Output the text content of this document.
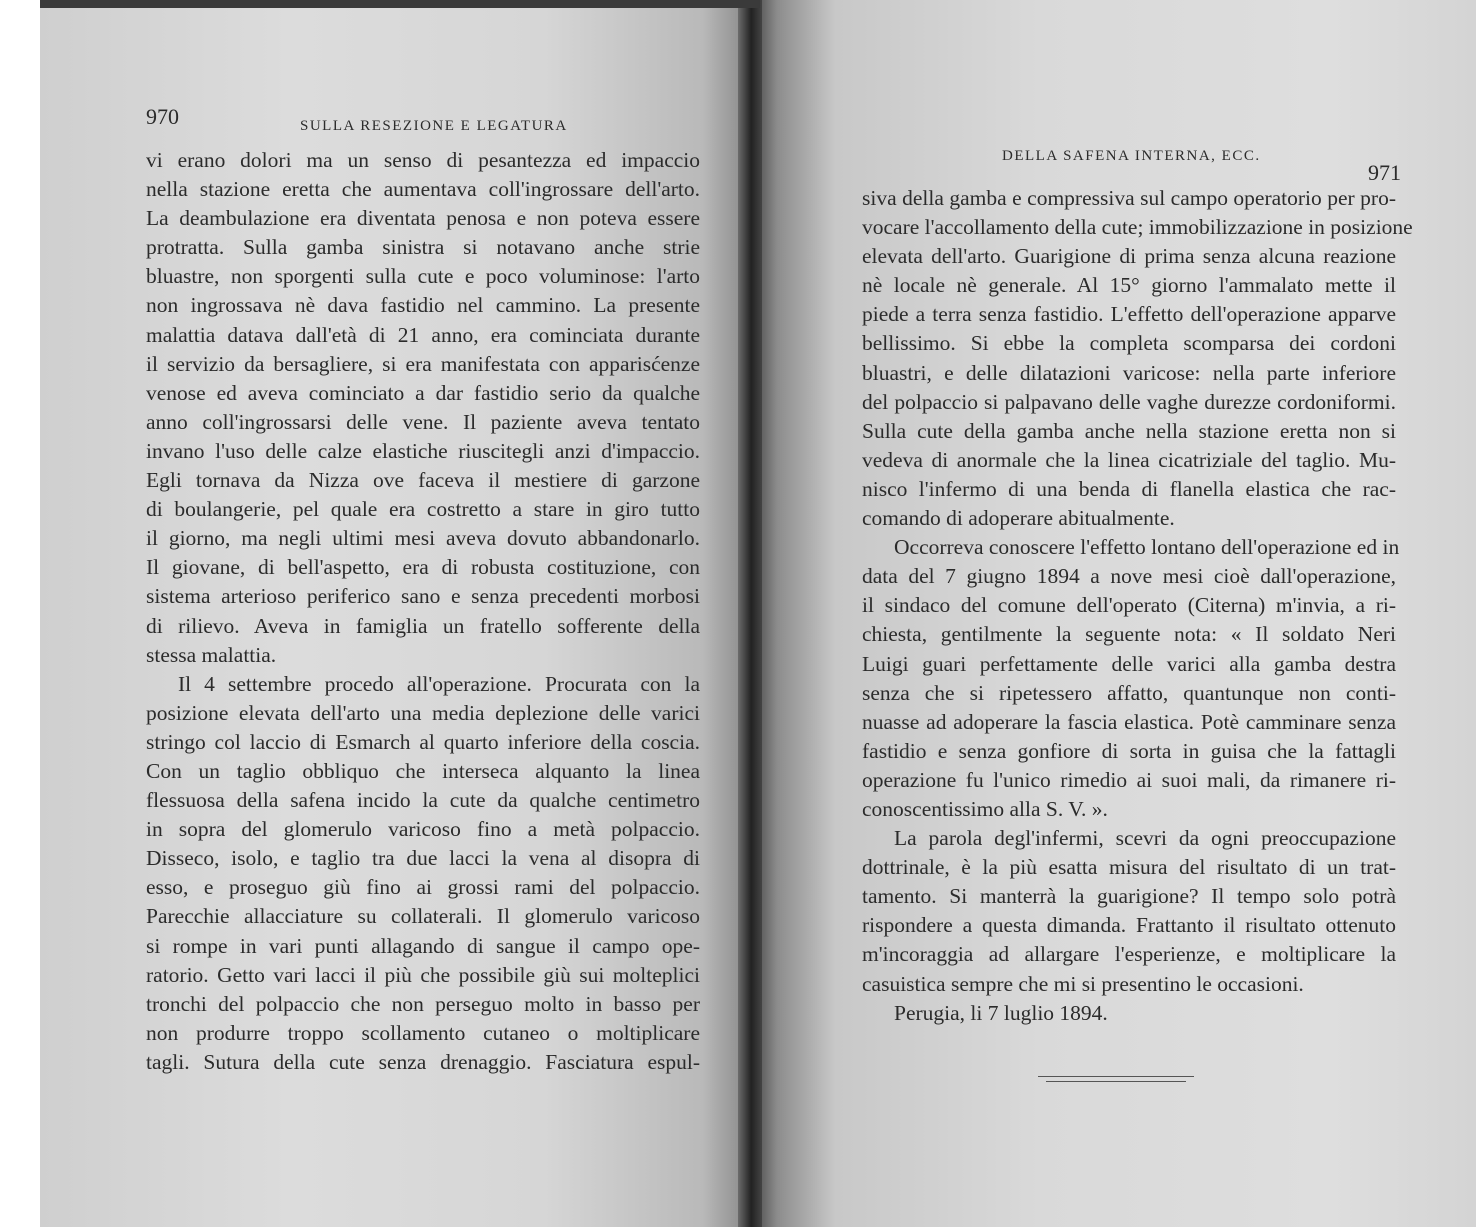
970	SULLA RESEZIONE E LEGATURA
vi erano dolori ma un senso di pesantezza ed impaccio
nella stazione eretta che aumentava coll'ingrossare dell'arto.
La deambulazione era diventata penosa e non poteva essere
protratta. Sulla gamba sinistra si notavano anche strie
bluastre, non sporgenti sulla cute e poco voluminose: l'arto
non ingrossava nè dava fastidio nel cammino. La presente
malattia datava dall'età di 21 anno, era cominciata durante
il servizio da bersagliere, si era manifestata con apparisćenze
venose ed aveva cominciato a dar fastidio serio da qualche
anno coll'ingrossarsi delle vene. Il paziente aveva tentato
invano l'uso delle calze elastiche riuscitegli anzi d'impaccio.
Egli tornava da Nizza ove faceva il mestiere di garzone
di boulangerie, pel quale era costretto a stare in giro tutto
il giorno, ma negli ultimi mesi aveva dovuto abbandonarlo.
Il giovane, di bell'aspetto, era di robusta costituzione, con
sistema arterioso periferico sano e senza precedenti morbosi
di rilievo. Aveva in famiglia un fratello sofferente della
stessa malattia.
Il 4 settembre procedo all'operazione. Procurata con la
posizione elevata dell'arto una media deplezione delle varici
stringo col laccio di Esmarch al quarto inferiore della coscia.
Con un taglio obbliquo che interseca alquanto la linea
flessuosa della safena incido la cute da qualche centimetro
in sopra del glomerulo varicoso fino a metà polpaccio.
Disseco, isolo, e taglio tra due lacci la vena al disopra di
esso, e proseguo giù fino ai grossi rami del polpaccio.
Parecchie allacciature su collaterali. Il glomerulo varicoso
si rompe in vari punti allagando di sangue il campo ope-
ratorio. Getto vari lacci il più che possibile giù sui molteplici
tronchi del polpaccio che non perseguo molto in basso per
non produrre troppo scollamento cutaneo o moltiplicare
tagli. Sutura della cute senza drenaggio. Fasciatura espul-
DELLA SAFENA INTERNA, ECC.
971
siva della gamba e compressiva sul campo operatorio per pro-
vocare l'accollamento della cute; immobilizzazione in posizione
elevata dell'arto. Guarigione di prima senza alcuna reazione
nè locale nè generale. Al 15° giorno l'ammalato mette il
piede a terra senza fastidio. L'effetto dell'operazione apparve
bellissimo. Si ebbe la completa scomparsa dei cordoni
bluastri, e delle dilatazioni varicose: nella parte inferiore
del polpaccio si palpavano delle vaghe durezze cordoniformi.
Sulla cute della gamba anche nella stazione eretta non si
vedeva di anormale che la linea cicatriziale del taglio. Mu-
nisco l'infermo di una benda di flanella elastica che rac-
comando di adoperare abitualmente.
Occorreva conoscere l'effetto lontano dell'operazione ed in
data del 7 giugno 1894 a nove mesi cioè dall'operazione,
il sindaco del comune dell'operato (Citerna) m'invia, a ri-
chiesta, gentilmente la seguente nota: « Il soldato Neri
Luigi guari perfettamente delle varici alla gamba destra
senza che si ripetessero affatto, quantunque non conti-
nuasse ad adoperare la fascia elastica. Potè camminare senza
fastidio e senza gonfiore di sorta in guisa che la fattagli
operazione fu l'unico rimedio ai suoi mali, da rimanere ri-
conoscentissimo alla S. V. ».
La parola degl'infermi, scevri da ogni preoccupazione
dottrinale, è la più esatta misura del risultato di un trat-
tamento. Si manterrà la guarigione? Il tempo solo potrà
rispondere a questa dimanda. Frattanto il risultato ottenuto
m'incoraggia ad allargare l'esperienze, e moltiplicare la
casuistica sempre che mi si presentino le occasioni.
Perugia, li 7 luglio 1894.
